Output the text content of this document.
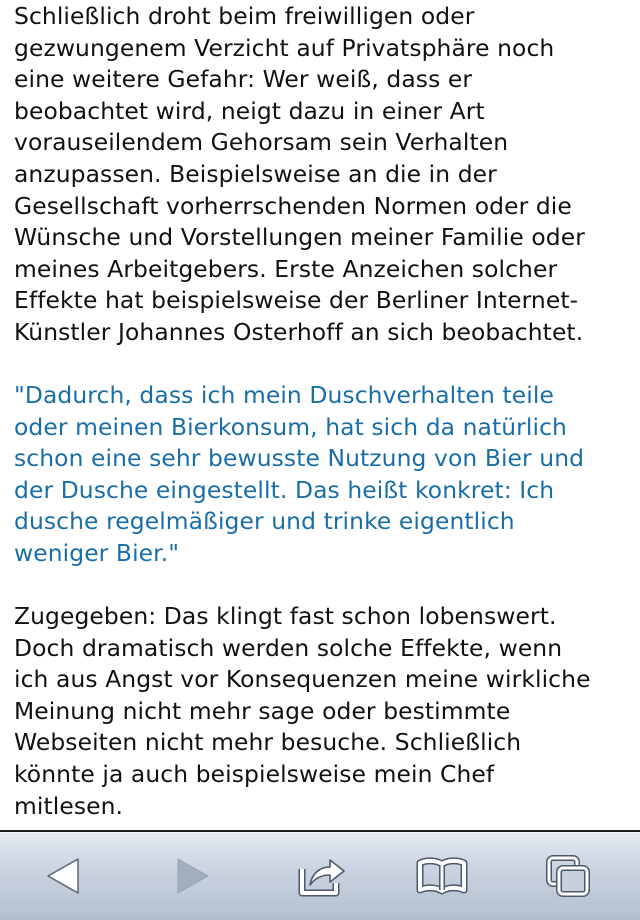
Schließlich droht beim freiwilligen oder
gezwungenem Verzicht auf Privatsphäre noch
eine weitere Gefahr: Wer weiß, dass er
beobachtet wird, neigt dazu in einer Art
vorauseilendem Gehorsam sein Verhalten
anzupassen. Beispielsweise an die in der
Gesellschaft vorherrschenden Normen oder die
Wünsche und Vorstellungen meiner Familie oder
meines Arbeitgebers. Erste Anzeichen solcher
Effekte hat beispielsweise der Berliner Internet-
Künstler Johannes Osterhoff an sich beobachtet.

"Dadurch, dass ich mein Duschverhalten teile
oder meinen Bierkonsum, hat sich da natürlich
schon eine sehr bewusste Nutzung von Bier und
der Dusche eingestellt. Das heißt konkret: Ich
dusche regelmäßiger und trinke eigentlich
weniger Bier."

Zugegeben: Das klingt fast schon lobenswert.
Doch dramatisch werden solche Effekte, wenn
ich aus Angst vor Konsequenzen meine wirkliche
Meinung nicht mehr sage oder bestimmte
Webseiten nicht mehr besuche. Schließlich
könnte ja auch beispielsweise mein Chef
mitlesen.
